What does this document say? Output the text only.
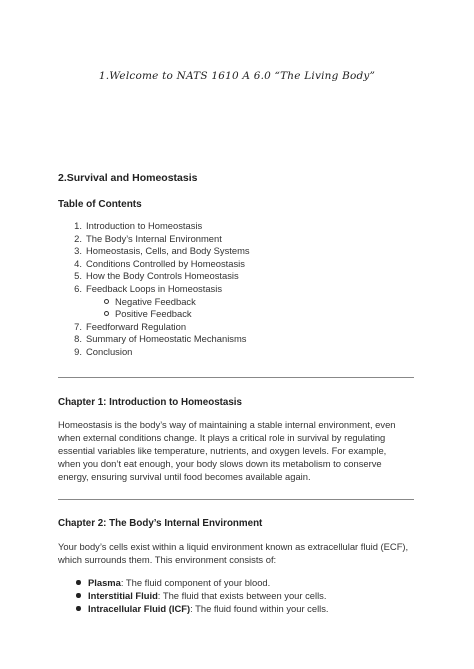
1.Welcome to NATS 1610 A 6.0 “The Living Body”
2.Survival and Homeostasis
Table of Contents
1. Introduction to Homeostasis
2. The Body’s Internal Environment
3. Homeostasis, Cells, and Body Systems
4. Conditions Controlled by Homeostasis
5. How the Body Controls Homeostasis
6. Feedback Loops in Homeostasis
Negative Feedback
Positive Feedback
7. Feedforward Regulation
8. Summary of Homeostatic Mechanisms
9. Conclusion
Chapter 1: Introduction to Homeostasis
Homeostasis is the body’s way of maintaining a stable internal environment, even
when external conditions change. It plays a critical role in survival by regulating
essential variables like temperature, nutrients, and oxygen levels. For example,
when you don’t eat enough, your body slows down its metabolism to conserve
energy, ensuring survival until food becomes available again.
Chapter 2: The Body’s Internal Environment
Your body’s cells exist within a liquid environment known as extracellular fluid (ECF),
which surrounds them. This environment consists of:
Plasma: The fluid component of your blood.
Interstitial Fluid: The fluid that exists between your cells.
Intracellular Fluid (ICF): The fluid found within your cells.
